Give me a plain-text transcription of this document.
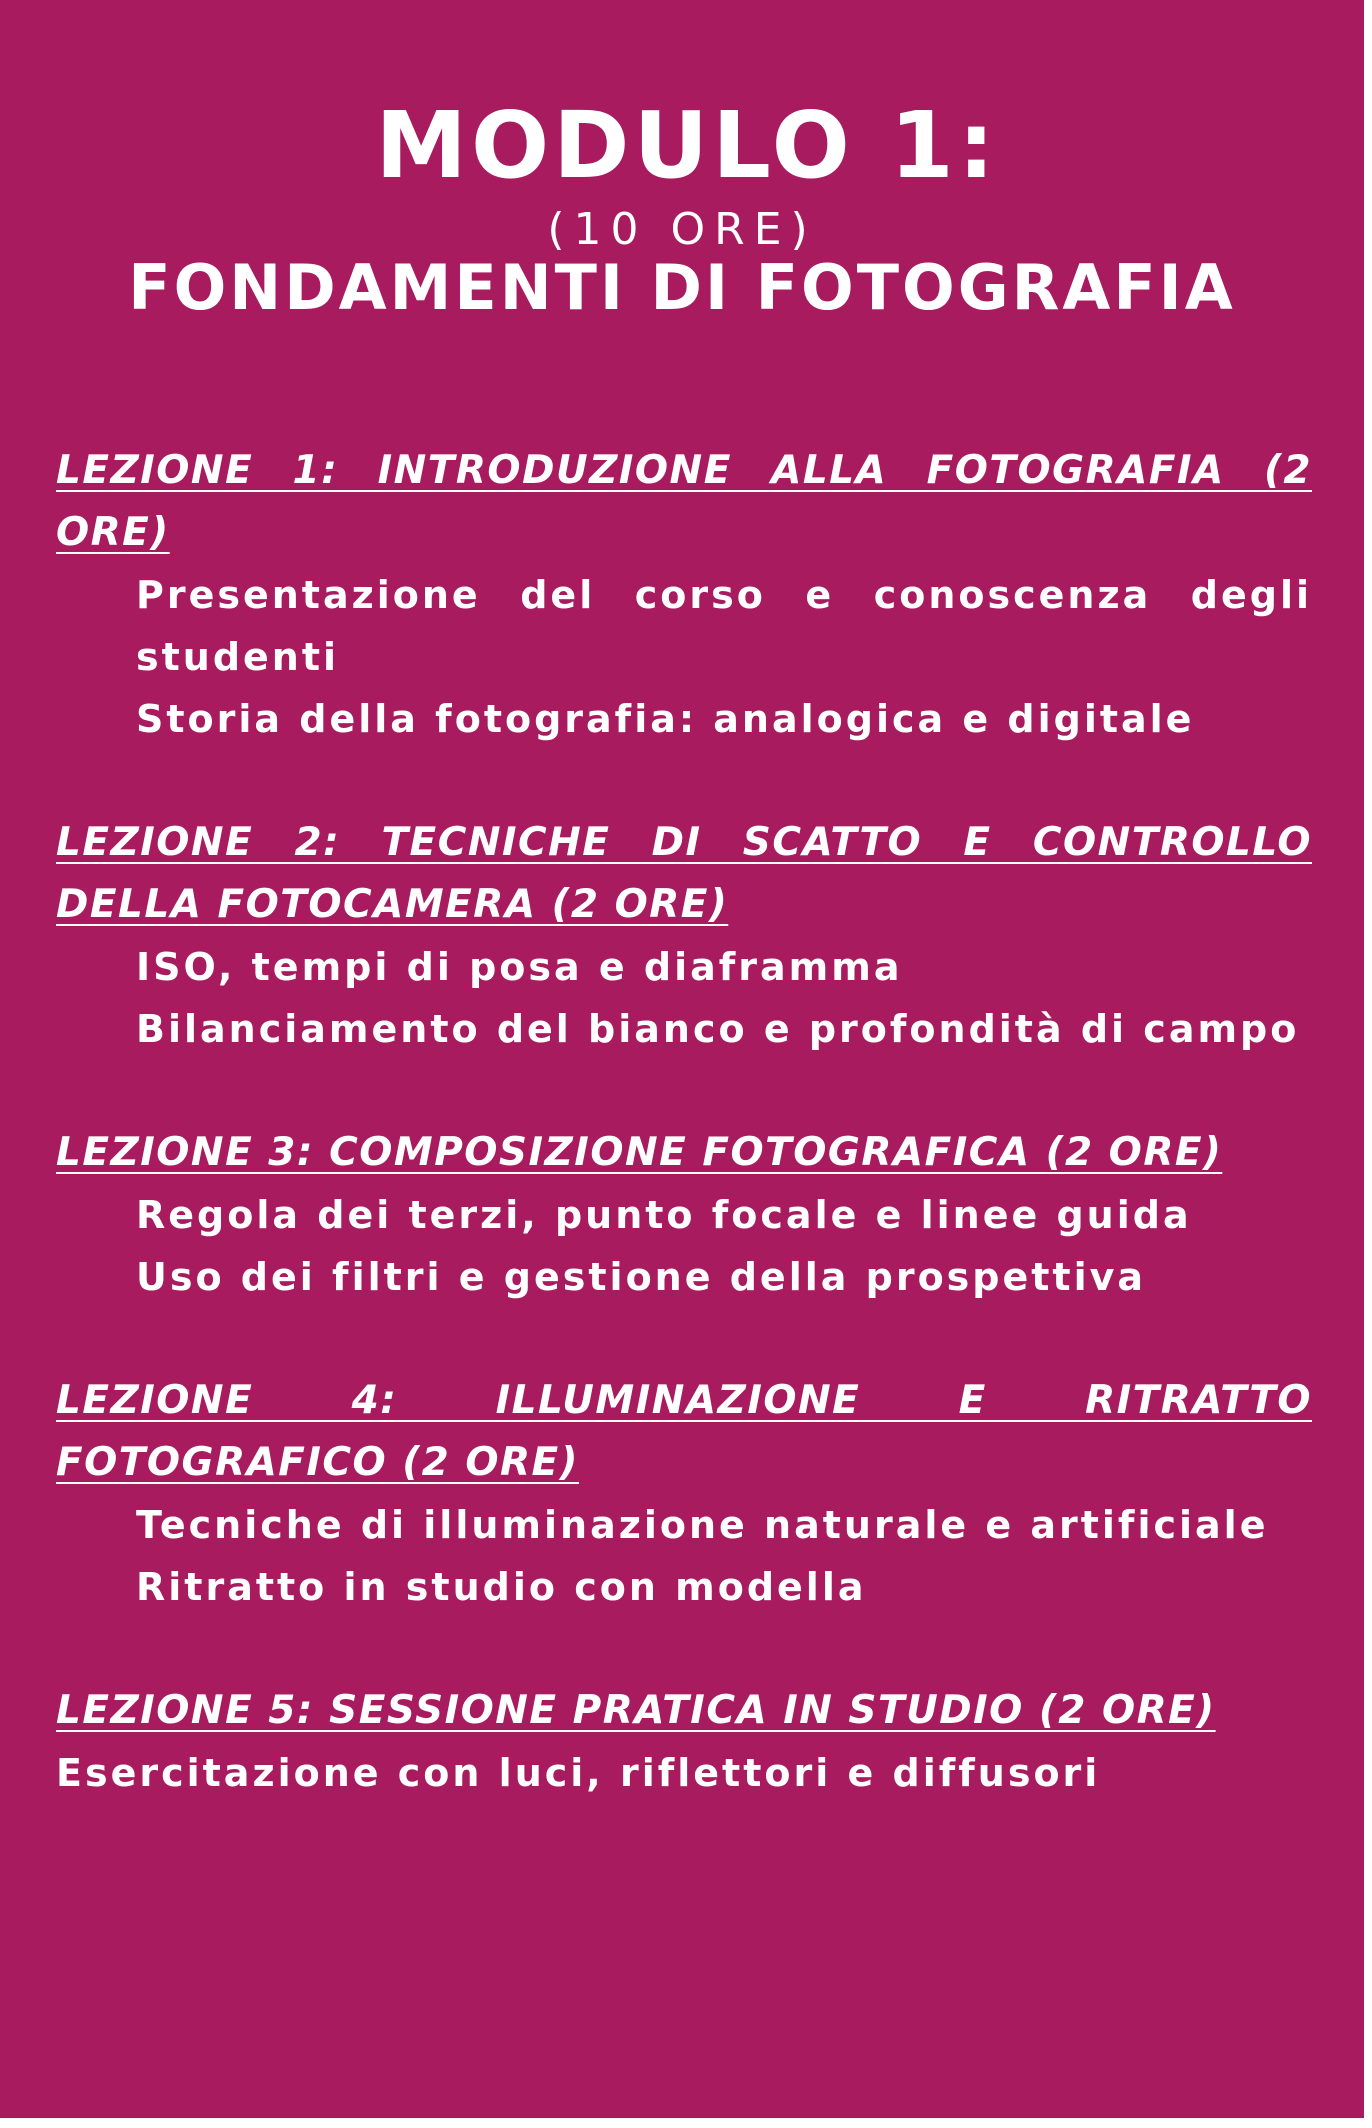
MODULO 1:
(10 ORE)
FONDAMENTI DI FOTOGRAFIA

LEZIONE 1: INTRODUZIONE ALLA FOTOGRAFIA (2 ORE)

Presentazione del corso e conoscenza degli studenti
Storia della fotografia: analogica e digitale

LEZIONE 2: TECNICHE DI SCATTO E CONTROLLO DELLA FOTOCAMERA (2 ORE)

ISO, tempi di posa e diaframma
Bilanciamento del bianco e profondità di campo

LEZIONE 3: COMPOSIZIONE FOTOGRAFICA (2 ORE)

Regola dei terzi, punto focale e linee guida
Uso dei filtri e gestione della prospettiva

LEZIONE 4: ILLUMINAZIONE E RITRATTO FOTOGRAFICO (2 ORE)

Tecniche di illuminazione naturale e artificiale
Ritratto in studio con modella

LEZIONE 5: SESSIONE PRATICA IN STUDIO (2 ORE)

Esercitazione con luci, riflettori e diffusori
